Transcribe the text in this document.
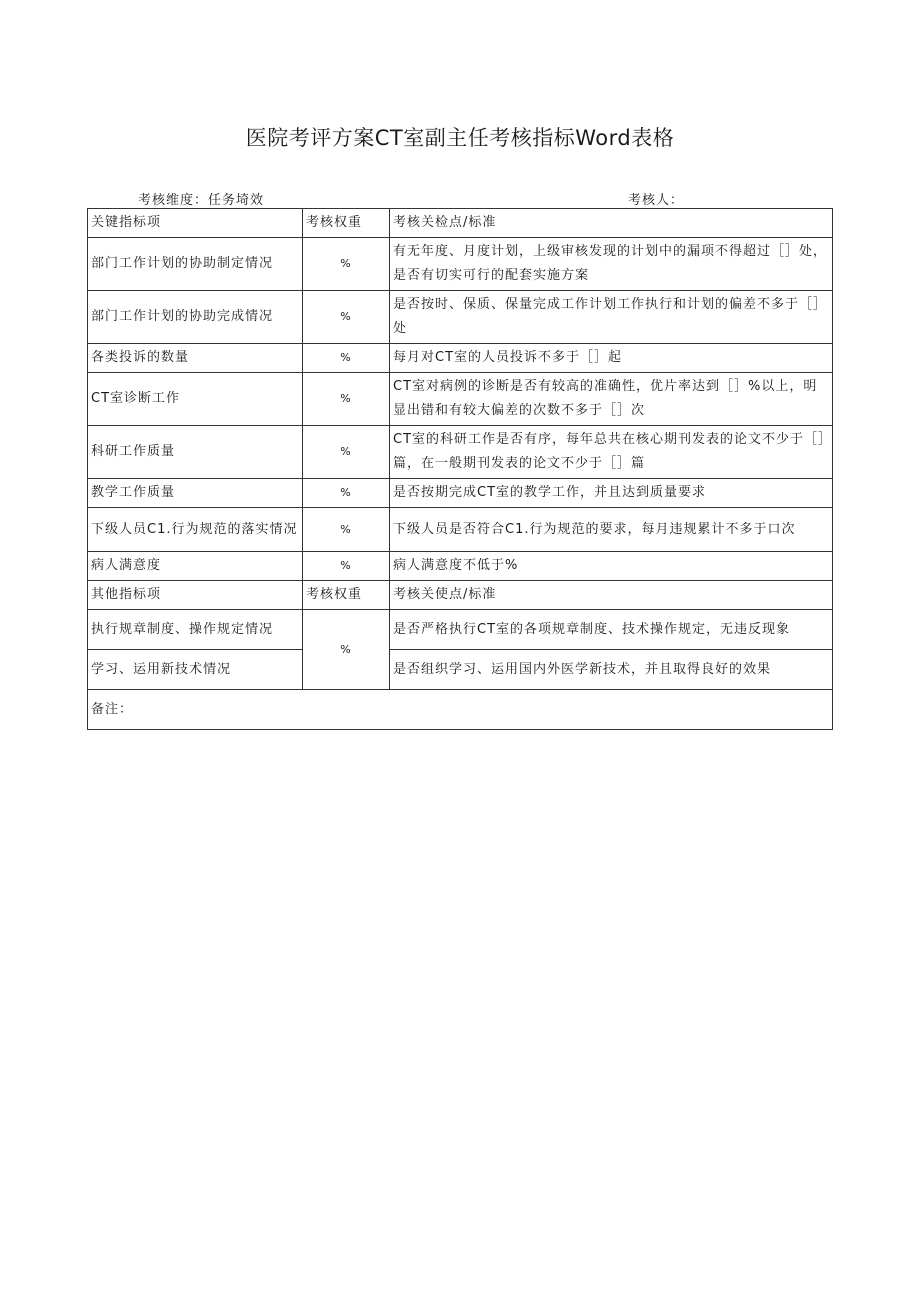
医院考评方案CT室副主任考核指标Word表格
考核维度：任务埼效	考核人：
关键指标项	考核权重	考核关检点/标准
部门工作计划的协助制定情况	%	有无年度、月度计划，上级审核发现的计划中的漏项不得超过［］处，是否有切实可行的配套实施方案
部门工作计划的协助完成情况	%	是否按时、保质、保量完成工作计划工作执行和计划的偏差不多于［］处
各类投诉的数量	%	每月对CT室的人员投诉不多于［］起
CT室诊断工作	%	CT室对病例的诊断是否有较高的准确性，优片率达到［］%以上，明显出错和有较大偏差的次数不多于［］次
科研工作质量	%	CT室的科研工作是否有序，每年总共在核心期刊发表的论文不少于［］篇，在一般期刊发表的论文不少于［］篇
教学工作质量	%	是否按期完成CT室的教学工作，并且达到质量要求
下级人员C1.行为规范的落实情况	%	下级人员是否符合C1.行为规范的要求，每月违规累计不多于口次
病人满意度	%	病人满意度不低于%
其他指标项	考核权重	考核关使点/标准
执行规章制度、操作规定情况	%	是否严格执行CT室的各项规章制度、技术操作规定，无违反现象
学习、运用新技术情况		是否组织学习、运用国内外医学新技术，并且取得良好的效果
备注：		
